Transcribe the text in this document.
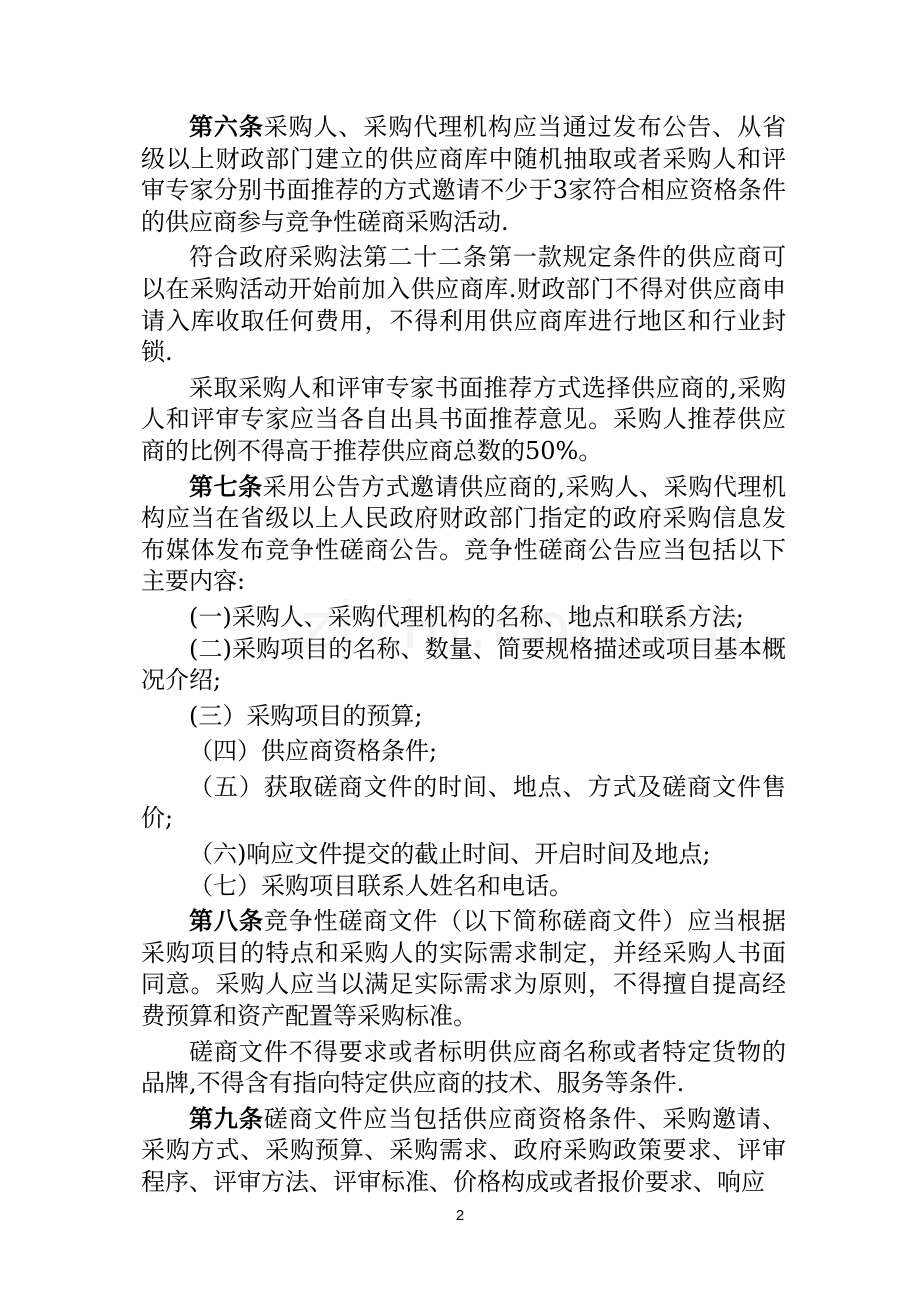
第六条采购人、采购代理机构应当通过发布公告、从省级以上财政部门建立的供应商库中随机抽取或者采购人和评审专家分别书面推荐的方式邀请不少于3家符合相应资格条件的供应商参与竞争性磋商采购活动.

符合政府采购法第二十二条第一款规定条件的供应商可以在采购活动开始前加入供应商库.财政部门不得对供应商申请入库收取任何费用，不得利用供应商库进行地区和行业封锁.

采取采购人和评审专家书面推荐方式选择供应商的,采购人和评审专家应当各自出具书面推荐意见。采购人推荐供应商的比例不得高于推荐供应商总数的50%。

第七条采用公告方式邀请供应商的,采购人、采购代理机构应当在省级以上人民政府财政部门指定的政府采购信息发布媒体发布竞争性磋商公告。竞争性磋商公告应当包括以下主要内容:

(一)采购人、采购代理机构的名称、地点和联系方法;

(二)采购项目的名称、数量、简要规格描述或项目基本概况介绍;

(三）采购项目的预算;

（四）供应商资格条件;

（五）获取磋商文件的时间、地点、方式及磋商文件售价;

（六)响应文件提交的截止时间、开启时间及地点;

（七）采购项目联系人姓名和电话。

第八条竞争性磋商文件（以下简称磋商文件）应当根据采购项目的特点和采购人的实际需求制定，并经采购人书面同意。采购人应当以满足实际需求为原则，不得擅自提高经费预算和资产配置等采购标准。

磋商文件不得要求或者标明供应商名称或者特定货物的品牌,不得含有指向特定供应商的技术、服务等条件.

第九条磋商文件应当包括供应商资格条件、采购邀请、采购方式、采购预算、采购需求、政府采购政策要求、评审程序、评审方法、评审标准、价格构成或者报价要求、响应

2
